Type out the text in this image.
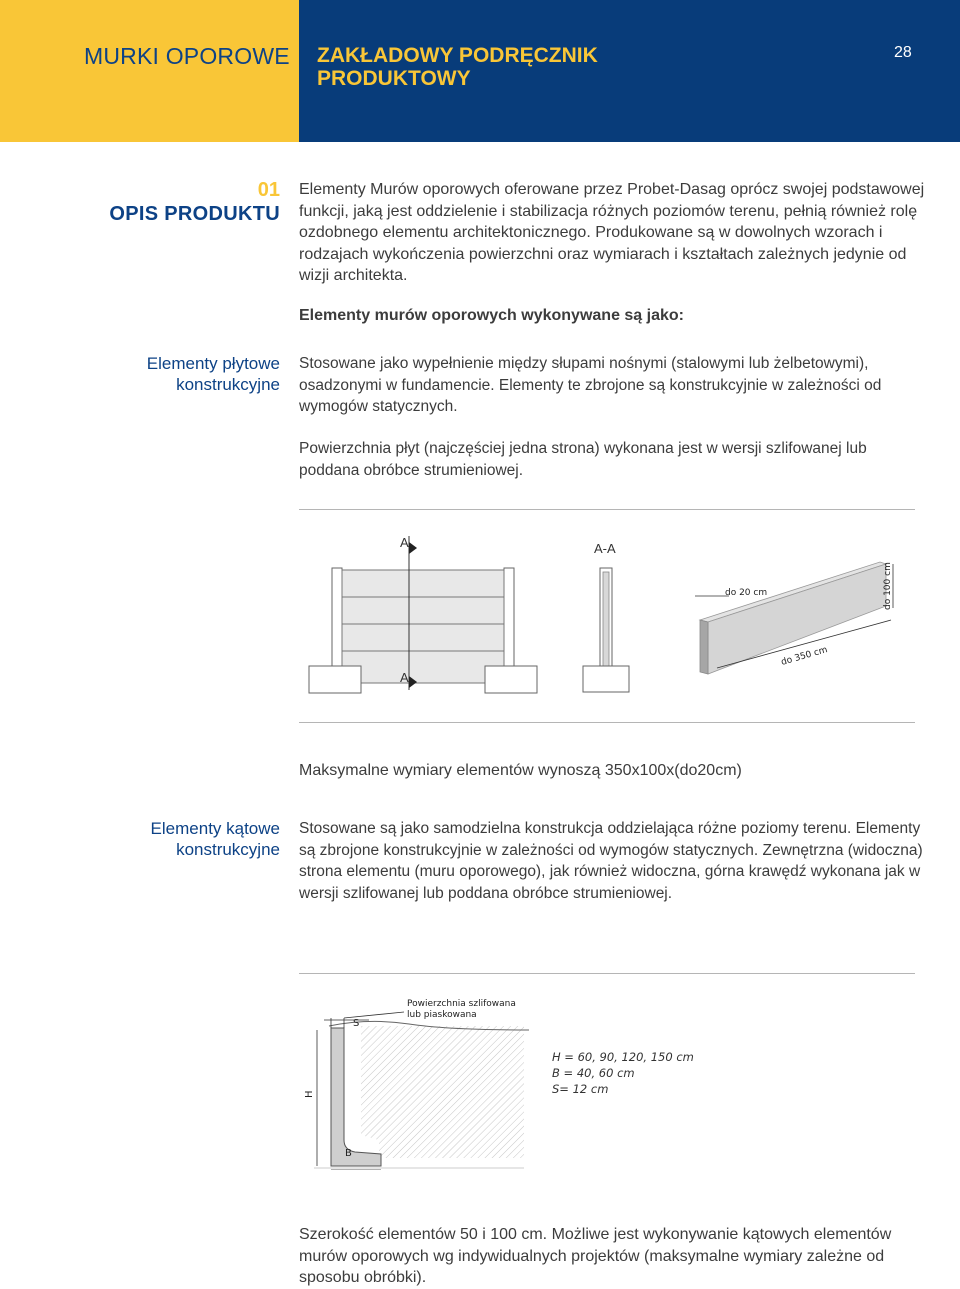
MURKI OPOROWE ZAKŁADOWY PODRĘCZNIK PRODUKTOWY
28
01
OPIS PRODUKTU
Elementy Murów oporowych oferowane przez Probet-Dasag oprócz swojej podstawowej funkcji, jaką jest oddzielenie i stabilizacja różnych poziomów terenu, pełnią również rolę ozdobnego elementu architektonicznego. Produkowane są w dowolnych wzorach i rodzajach wykończenia powierzchni oraz wymiarach i kształtach zależnych jedynie od wizji architekta.
Elementy murów oporowych wykonywane są jako:
Elementy płytowe konstrukcyjne
Stosowane jako wypełnienie między słupami nośnymi (stalowymi lub żelbetowymi), osadzonymi w fundamencie. Elementy te zbrojone są konstrukcyjnie w zależności od wymogów statycznych.
Powierzchnia płyt (najczęściej jedna strona) wykonana jest w wersji szlifowanej lub poddana obróbce strumieniowej.
A
A
A-A
do 20 cm	do 100 cm
do 350 cm
Maksymalne wymiary elementów wynoszą 350x100x(do20cm)
Elementy kątowe konstrukcyjne
Stosowane są jako samodzielna konstrukcja oddzielająca różne poziomy terenu. Elementy są zbrojone konstrukcyjnie w zależności od wymogów statycznych. Zewnętrzna (widoczna) strona elementu (muru oporowego), jak również widoczna, górna krawędź wykonana jak w wersji szlifowanej lub poddana obróbce strumieniowej.
Powierzchnia szlifowana
lub piaskowana
S
H
B
H = 60, 90, 120, 150 cm
B = 40, 60 cm
S= 12 cm
Szerokość elementów 50 i 100 cm. Możliwe jest wykonywanie kątowych elementów murów oporowych wg indywidualnych projektów (maksymalne wymiary zależne od sposobu obróbki).
